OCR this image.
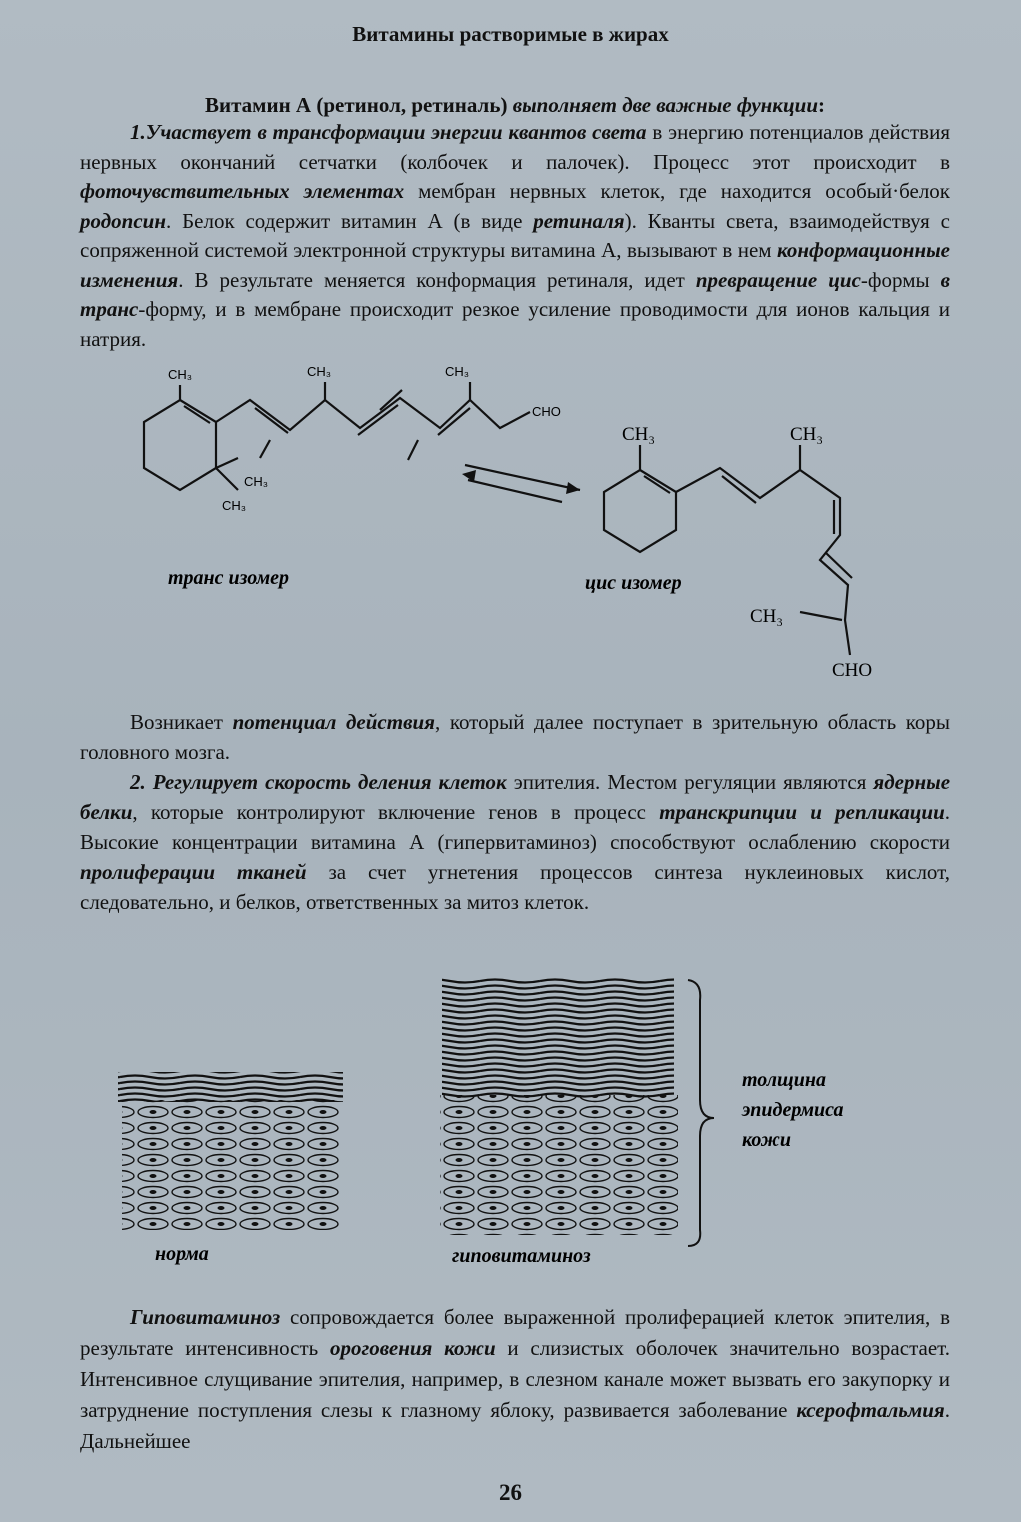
Витамины растворимые в жирах
Витамин А (ретинол, ретиналь) выполняет две важные функции:
1.Участвует в трансформации энергии квантов света в энергию потенциалов действия нервных окончаний сетчатки (колбочек и палочек). Процесс этот происходит в фоточувствительных элементах мембран нервных клеток, где находится особый·белок родопсин. Белок содержит витамин А (в виде ретиналя). Кванты света, взаимодействуя с сопряженной системой электронной структуры витамина А, вызывают в нем конформационные изменения. В результате меняется конформация ретиналя, идет превращение цис-формы в транс-форму, и в мембране происходит резкое усиление проводимости для ионов кальция и натрия.
CH₃	CH₃	CH₃
CH₃
CH₃
CHO
CH₃	CH₃
CH₃
CHO
транс изомер	цис изомер
Возникает потенциал действия, который далее поступает в зрительную область коры головного мозга.
2. Регулирует скорость деления клеток эпителия. Местом регуляции являются ядерные белки, которые контролируют включение генов в процесс транскрипции и репликации. Высокие концентрации витамина А (гипервитаминоз) способствуют ослаблению скорости пролиферации тканей за счет угнетения процессов синтеза нуклеиновых кислот, следовательно, и белков, ответственных за митоз клеток.
норма	гиповитаминоз
толщина
эпидермиса
кожи
Гиповитаминоз сопровождается более выраженной пролиферацией клеток эпителия, в результате интенсивность ороговения кожи и слизистых оболочек значительно возрастает. Интенсивное слущивание эпителия, например, в слезном канале может вызвать его закупорку и затруднение поступления слезы к глазному яблоку, развивается заболевание ксерофтальмия. Дальнейшее
26
